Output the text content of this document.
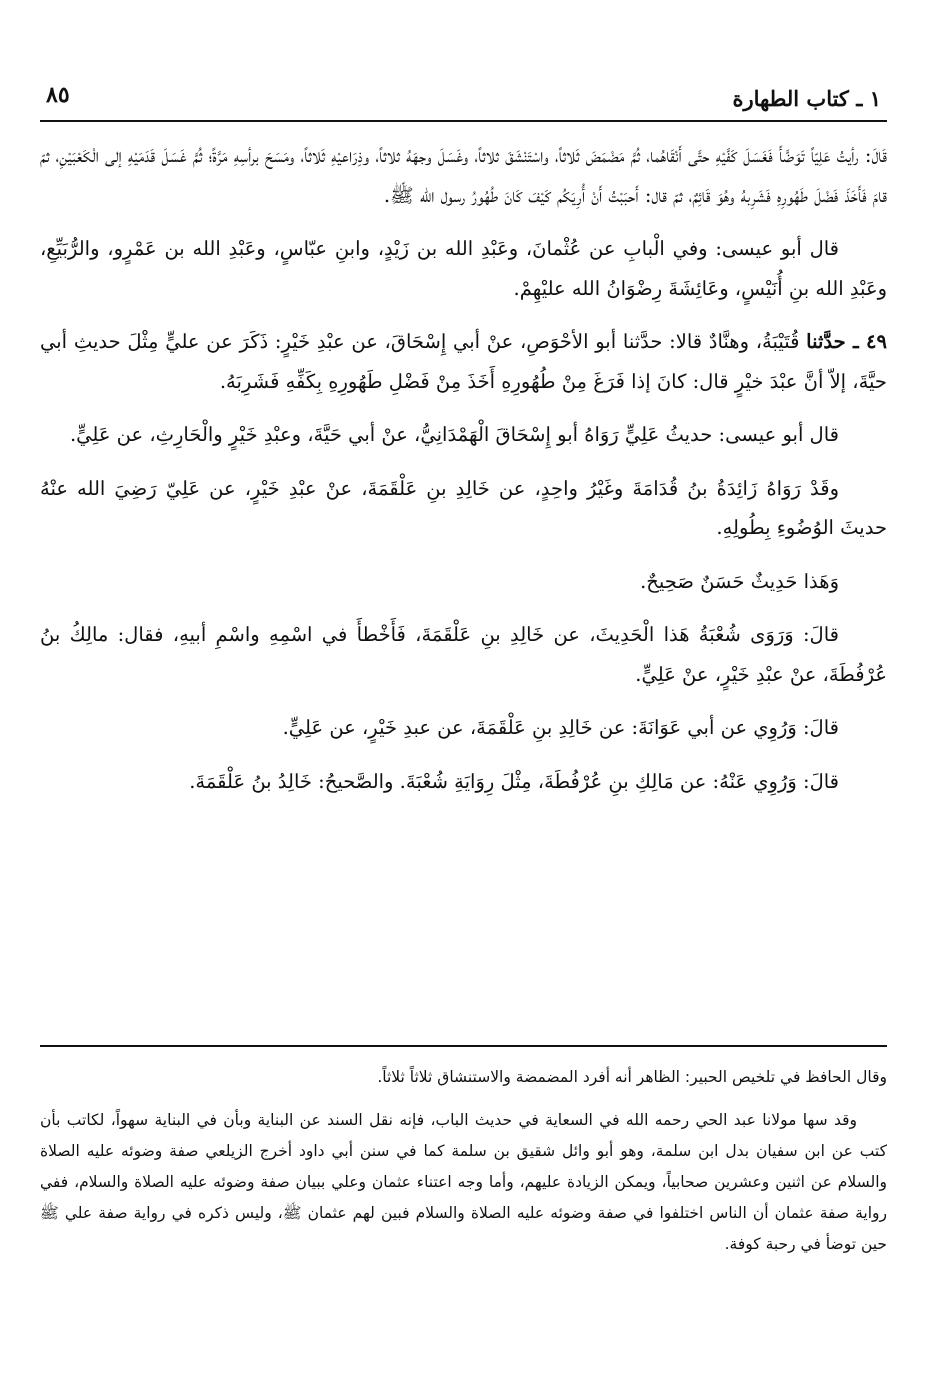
١ ـ كتاب الطهارة
٨٥

قَالَ: رأيتُ عَلِيّاً تَوَضَّأَ فَغَسَلَ كَفَّيْهِ حتَّى أَنْقَاهُما، ثُمَّ مَضْمَضَ ثَلاثاً، واسْتَنْشَقَ ثلاثاً، وغَسَلَ وجهَهُ ثلاثاً، وذِرَاعيْهِ ثَلاثاً، ومَسَحَ برأسِهِ مَرَّةً؛ ثُمَّ غَسَلَ قَدَمَيْهِ إلى الْكَعْبَيْنِ، ثمّ قامَ فَأَخَذَ فَضْلَ طَهُورِهِ فَشَرِبهُ وهُوَ قَائِمٌ، ثمّ قال: أَحبَبْتُ أَنْ أُرِيَكُم كَيْفَ كَانَ طُهُورُ رسول الله ﷺ.

قال أبو عيسى: وفي الْبابِ عن عُثْمانَ، وعَبْدِ الله بن زَيْدٍ، وابنِ عبّاسٍ، وعَبْدِ الله بن عَمْرٍو، والرُّبَيِّعِ، وعَبْدِ الله بنِ أُنَيْسٍ، وعَائِشَةَ رِضْوَانُ الله عليْهِمْ.

٤٩ ـ حدَّثنا قُتَيْبَةُ، وهنَّادٌ قالا: حدَّثنا أبو الأحْوَصِ، عنْ أبي إِسْحَاقَ، عن عبْدِ خَيْرٍ: ذَكَرَ عن عليٍّ مِثْلَ حديثِ أبي حيَّةَ، إلاّ أنَّ عبْدَ خيْرٍ قال: كانَ إذا فَرَغَ مِنْ طُهُورِهِ أَخَذَ مِنْ فَضْلِ طَهُورِهِ بِكَفِّهِ فَشَرِبَهُ.

قال أبو عيسى: حديثُ عَلِيٍّ رَوَاهُ أبو إِسْحَاقَ الْهَمْدَانِيُّ، عنْ أبي حَيَّةَ، وعبْدِ خَيْرٍ والْحَارِثِ، عن عَلِيٍّ.

وقَدْ رَوَاهُ زَائِدَةُ بنُ قُدَامَةَ وغَيْرُ واحِدٍ، عن خَالِدِ بنِ عَلْقَمَةَ، عنْ عبْدِ خَيْرٍ، عن عَلِيّ رَضِيَ الله عنْهُ حديثَ الوُضُوءِ بِطُولِهِ.

وَهَذا حَدِيثٌ حَسَنٌ صَحِيحٌ.

قالَ: وَرَوَى شُعْبَةُ هَذا الْحَدِيثَ، عن خَالِدِ بنِ عَلْقَمَةَ، فَأَخْطأَ في اسْمِهِ واسْمِ أبيهِ، فقال: مالِكُ بنُ عُرْفُطَةَ، عنْ عبْدِ خَيْرٍ، عنْ عَلِيٍّ.

قالَ: وَرُوِي عن أبي عَوَانَةَ: عن خَالِدِ بنِ عَلْقَمَةَ، عن عبدِ خَيْرٍ، عن عَلِيٍّ.

قالَ: وَرُوِي عَنْهُ: عن مَالِكِ بنِ عُرْفُطَةَ، مِثْلَ رِوَايَةِ شُعْبَةَ. والصَّحيحُ: خَالِدُ بنُ عَلْقَمَةَ.

وقال الحافظ في تلخيص الحبير: الظاهر أنه أفرد المضمضة والاستنشاق ثلاثاً ثلاثاً.

وقد سها مولانا عبد الحي رحمه الله في السعاية في حديث الباب، فإنه نقل السند عن البناية وبأن في البناية سهواً، لكاتب بأن كتب عن ابن سفيان بدل ابن سلمة، وهو أبو وائل شقيق بن سلمة كما في سنن أبي داود أخرج الزيلعي صفة وضوئه عليه الصلاة والسلام عن اثنين وعشرين صحابياً، ويمكن الزيادة عليهم، وأما وجه اعتناء عثمان وعلي ببيان صفة وضوئه عليه الصلاة والسلام، ففي رواية صفة عثمان أن الناس اختلفوا في صفة وضوئه عليه الصلاة والسلام فبين لهم عثمان ﷺ، وليس ذكره في رواية صفة علي ﷺ حين توضأ في رحبة كوفة.
